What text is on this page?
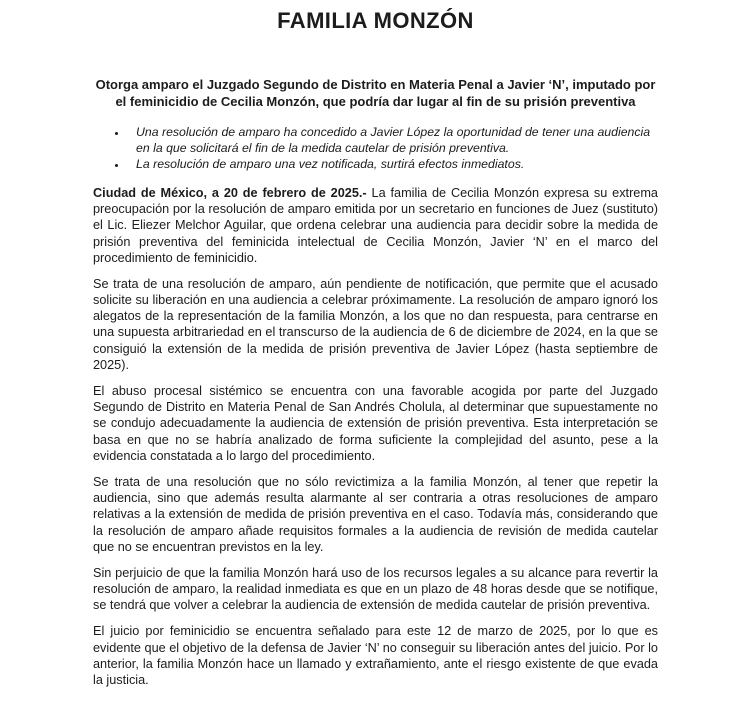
FAMILIA MONZÓN
Otorga amparo el Juzgado Segundo de Distrito en Materia Penal a Javier ‘N’, imputado por el feminicidio de Cecilia Monzón, que podría dar lugar al fin de su prisión preventiva
• Una resolución de amparo ha concedido a Javier López la oportunidad de tener una audiencia en la que solicitará el fin de la medida cautelar de prisión preventiva.
• La resolución de amparo una vez notificada, surtirá efectos inmediatos.

Ciudad de México, a 20 de febrero de 2025.- La familia de Cecilia Monzón expresa su extrema preocupación por la resolución de amparo emitida por un secretario en funciones de Juez (sustituto) el Lic. Eliezer Melchor Aguilar, que ordena celebrar una audiencia para decidir sobre la medida de prisión preventiva del feminicida intelectual de Cecilia Monzón, Javier ‘N’ en el marco del procedimiento de feminicidio.

Se trata de una resolución de amparo, aún pendiente de notificación, que permite que el acusado solicite su liberación en una audiencia a celebrar próximamente. La resolución de amparo ignoró los alegatos de la representación de la familia Monzón, a los que no dan respuesta, para centrarse en una supuesta arbitrariedad en el transcurso de la audiencia de 6 de diciembre de 2024, en la que se consiguió la extensión de la medida de prisión preventiva de Javier López (hasta septiembre de 2025).

El abuso procesal sistémico se encuentra con una favorable acogida por parte del Juzgado Segundo de Distrito en Materia Penal de San Andrés Cholula, al determinar que supuestamente no se condujo adecuadamente la audiencia de extensión de prisión preventiva. Esta interpretación se basa en que no se habría analizado de forma suficiente la complejidad del asunto, pese a la evidencia constatada a lo largo del procedimiento.

Se trata de una resolución que no sólo revictimiza a la familia Monzón, al tener que repetir la audiencia, sino que además resulta alarmante al ser contraria a otras resoluciones de amparo relativas a la extensión de medida de prisión preventiva en el caso. Todavía más, considerando que la resolución de amparo añade requisitos formales a la audiencia de revisión de medida cautelar que no se encuentran previstos en la ley.

Sin perjuicio de que la familia Monzón hará uso de los recursos legales a su alcance para revertir la resolución de amparo, la realidad inmediata es que en un plazo de 48 horas desde que se notifique, se tendrá que volver a celebrar la audiencia de extensión de medida cautelar de prisión preventiva.

El juicio por feminicidio se encuentra señalado para este 12 de marzo de 2025, por lo que es evidente que el objetivo de la defensa de Javier ‘N’ no conseguir su liberación antes del juicio. Por lo anterior, la familia Monzón hace un llamado y extrañamiento, ante el riesgo existente de que evada la justicia.
